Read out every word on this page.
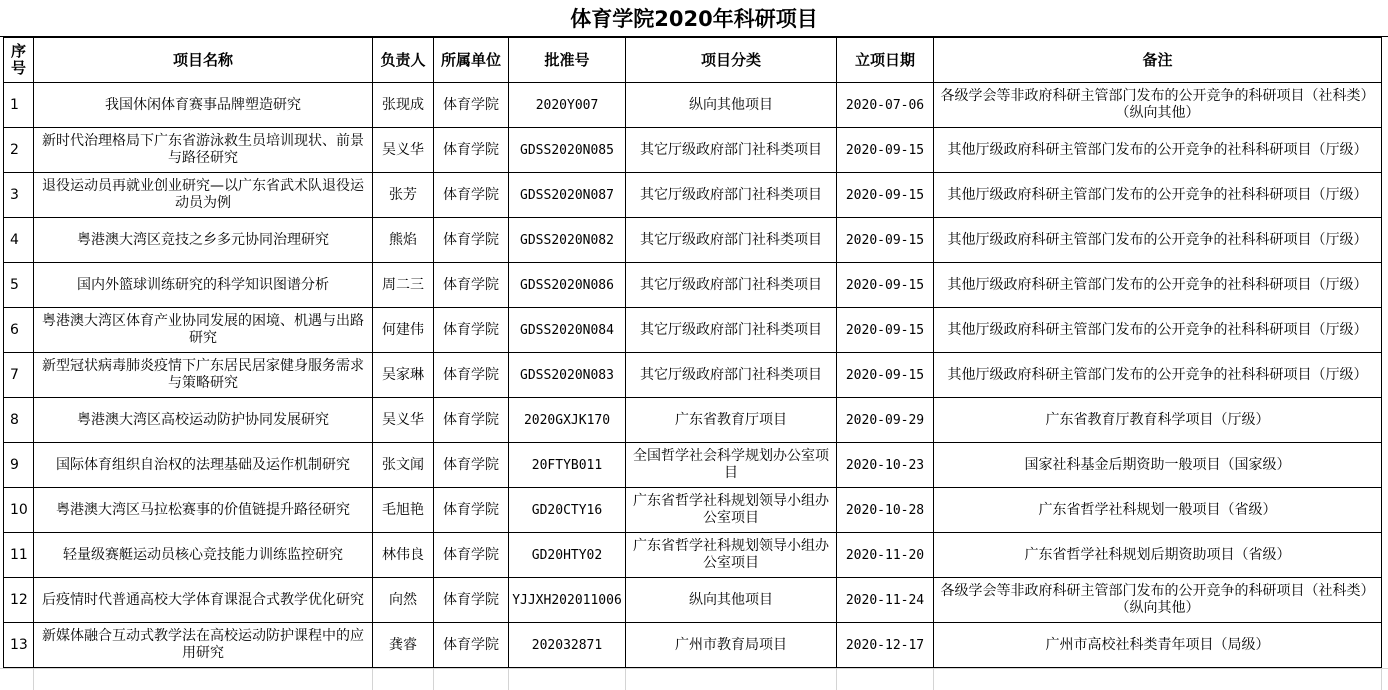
体育学院2020年科研项目
序号	项目名称	负责人	所属单位	批准号	项目分类	立项日期	备注
1	我国休闲体育赛事品牌塑造研究	张现成	体育学院	2020Y007	纵向其他项目	2020-07-06	各级学会等非政府科研主管部门发布的公开竞争的科研项目（社科类）（纵向其他）
2	新时代治理格局下广东省游泳救生员培训现状、前景与路径研究	吴义华	体育学院	GDSS2020N085	其它厅级政府部门社科类项目	2020-09-15	其他厅级政府科研主管部门发布的公开竞争的社科科研项目（厅级）
3	退役运动员再就业创业研究—以广东省武术队退役运动员为例	张芳	体育学院	GDSS2020N087	其它厅级政府部门社科类项目	2020-09-15	其他厅级政府科研主管部门发布的公开竞争的社科科研项目（厅级）
4	粤港澳大湾区竞技之乡多元协同治理研究	熊焰	体育学院	GDSS2020N082	其它厅级政府部门社科类项目	2020-09-15	其他厅级政府科研主管部门发布的公开竞争的社科科研项目（厅级）
5	国内外篮球训练研究的科学知识图谱分析	周二三	体育学院	GDSS2020N086	其它厅级政府部门社科类项目	2020-09-15	其他厅级政府科研主管部门发布的公开竞争的社科科研项目（厅级）
6	粤港澳大湾区体育产业协同发展的困境、机遇与出路研究	何建伟	体育学院	GDSS2020N084	其它厅级政府部门社科类项目	2020-09-15	其他厅级政府科研主管部门发布的公开竞争的社科科研项目（厅级）
7	新型冠状病毒肺炎疫情下广东居民居家健身服务需求与策略研究	吴家琳	体育学院	GDSS2020N083	其它厅级政府部门社科类项目	2020-09-15	其他厅级政府科研主管部门发布的公开竞争的社科科研项目（厅级）
8	粤港澳大湾区高校运动防护协同发展研究	吴义华	体育学院	2020GXJK170	广东省教育厅项目	2020-09-29	广东省教育厅教育科学项目（厅级）
9	国际体育组织自治权的法理基础及运作机制研究	张文闻	体育学院	20FTYB011	全国哲学社会科学规划办公室项目	2020-10-23	国家社科基金后期资助一般项目（国家级）
10	粤港澳大湾区马拉松赛事的价值链提升路径研究	毛旭艳	体育学院	GD20CTY16	广东省哲学社科规划领导小组办公室项目	2020-10-28	广东省哲学社科规划一般项目（省级）
11	轻量级赛艇运动员核心竞技能力训练监控研究	林伟良	体育学院	GD20HTY02	广东省哲学社科规划领导小组办公室项目	2020-11-20	广东省哲学社科规划后期资助项目（省级）
12	后疫情时代普通高校大学体育课混合式教学优化研究	向然	体育学院	YJJXH202011006	纵向其他项目	2020-11-24	各级学会等非政府科研主管部门发布的公开竞争的科研项目（社科类）（纵向其他）
13	新媒体融合互动式教学法在高校运动防护课程中的应用研究	龚睿	体育学院	202032871	广州市教育局项目	2020-12-17	广州市高校社科类青年项目（局级）
